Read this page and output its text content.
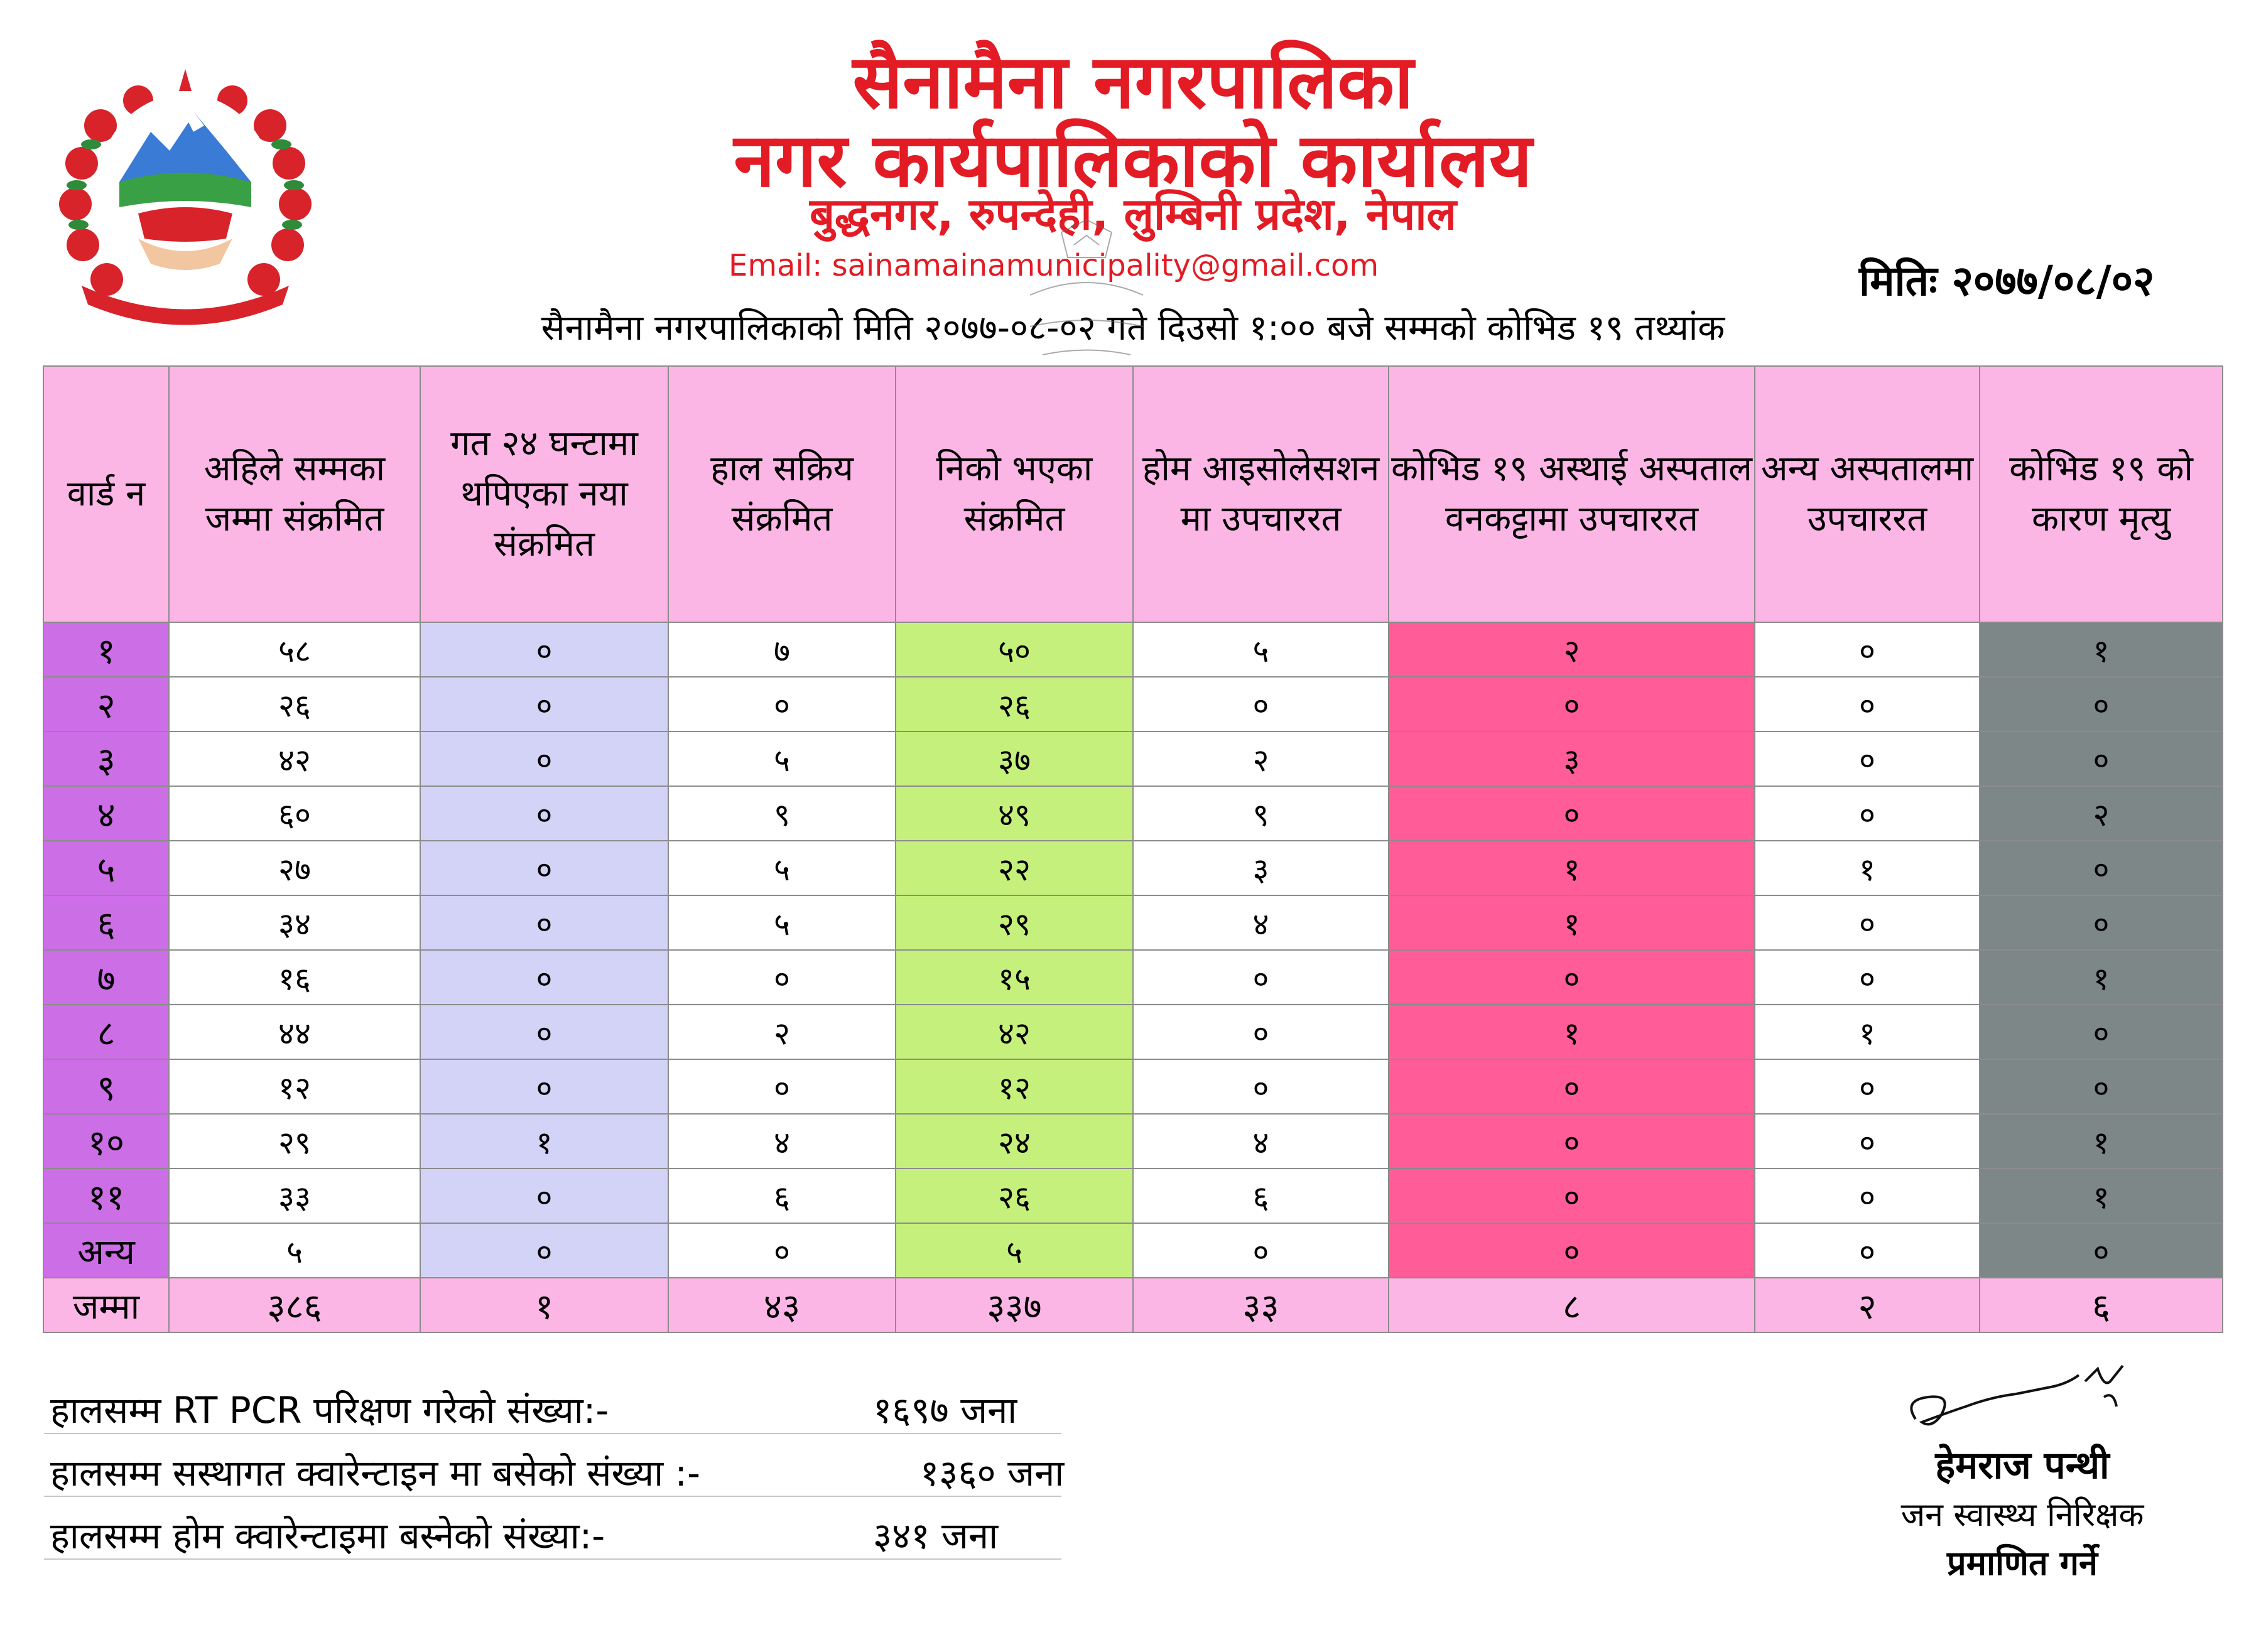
सैनामैना नगरपालिका
नगर कार्यपालिकाको कार्यालय
बुद्धनगर, रुपन्देही, लुम्बिनी प्रदेश, नेपाल
Email: sainamainamunicipality@gmail.com	मितिः २०७७/०८/०२
सैनामैना नगरपालिकाको मिति २०७७-०८-०२ गते दिउसो १:०० बजे सम्मको कोभिड १९ तथ्यांक
वार्ड न	अहिले सम्मका जम्मा संक्रमित	गत २४ घन्टामा थपिएका नया संक्रमित	हाल सक्रिय संक्रमित	निको भएका संक्रमित	होम आइसोलेसशन मा उपचाररत	कोभिड १९ अस्थाई अस्पताल वनकट्टामा उपचाररत	अन्य अस्पतालमा उपचाररत	कोभिड १९ को कारण मृत्यु
१	५८	०	७	५०	५	२	०	१
२	२६	०	०	२६	०	०	०	०
३	४२	०	५	३७	२	३	०	०
४	६०	०	९	४९	९	०	०	२
५	२७	०	५	२२	३	१	१	०
६	३४	०	५	२९	४	१	०	०
७	१६	०	०	१५	०	०	०	१
८	४४	०	२	४२	०	१	१	०
९	१२	०	०	१२	०	०	०	०
१०	२९	१	४	२४	४	०	०	१
११	३३	०	६	२६	६	०	०	१
अन्य	५	०	०	५	०	०	०	०
जम्मा	३८६	१	४३	३३७	३३	८	२	६
हालसम्म RT PCR परिक्षण गरेको संख्या:-	१६९७ जना
हालसम्म सस्थागत क्वारेन्टाइन मा बसेको संख्या :-	१३६० जना
हालसम्म होम क्वारेन्टाइमा बस्नेको संख्या:-	३४१ जना
हेमराज पन्थी
जन स्वास्थ्य निरिक्षक
प्रमाणित गर्ने
